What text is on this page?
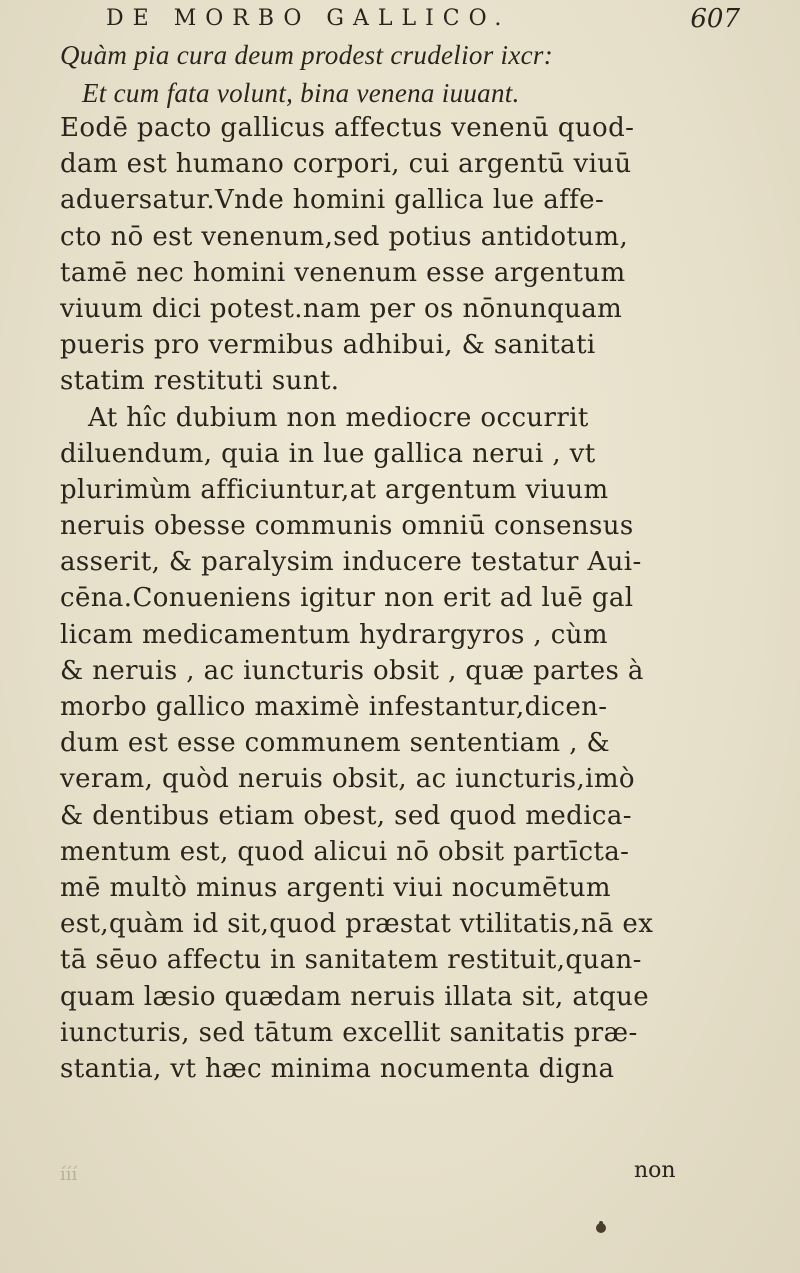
DE MORBO GALLICO.	607
Quàm pia cura deum prodest crudelior ixcr:
Et cum fata volunt, bina venena iuuant.
Eodē pacto gallicus affectus venenū quod-
dam est humano corpori, cui argentū viuū
aduersatur.Vnde homini gallica lue affe-
cto nō est venenum,sed potius antidotum,
tamē nec homini venenum esse argentum
viuum dici potest.nam per os nōnunquam
pueris pro vermibus adhibui, & sanitati
statim restituti sunt.
At hîc dubium non mediocre occurrit
diluendum, quia in lue gallica nerui , vt
plurimùm afficiuntur,at argentum viuum
neruis obesse communis omniū consensus
asserit, & paralysim inducere testatur Aui-
cēna.Conueniens igitur non erit ad luē gal
licam medicamentum hydrargyros , cùm
& neruis , ac iuncturis obsit , quæ partes à
morbo gallico maximè infestantur,dicen-
dum est esse communem sententiam , &
veram, quòd neruis obsit, ac iuncturis,imò
& dentibus etiam obest, sed quod medica-
mentum est, quod alicui nō obsit partīcta-
mē multò minus argenti viui nocumētum
est,quàm id sit,quod præstat vtilitatis,nā ex
tā sēuo affectu in sanitatem restituit,quan-
quam læsio quædam neruis illata sit, atque
iuncturis, sed tātum excellit sanitatis præ-
stantia, vt hæc minima nocumenta digna
ííí	non
